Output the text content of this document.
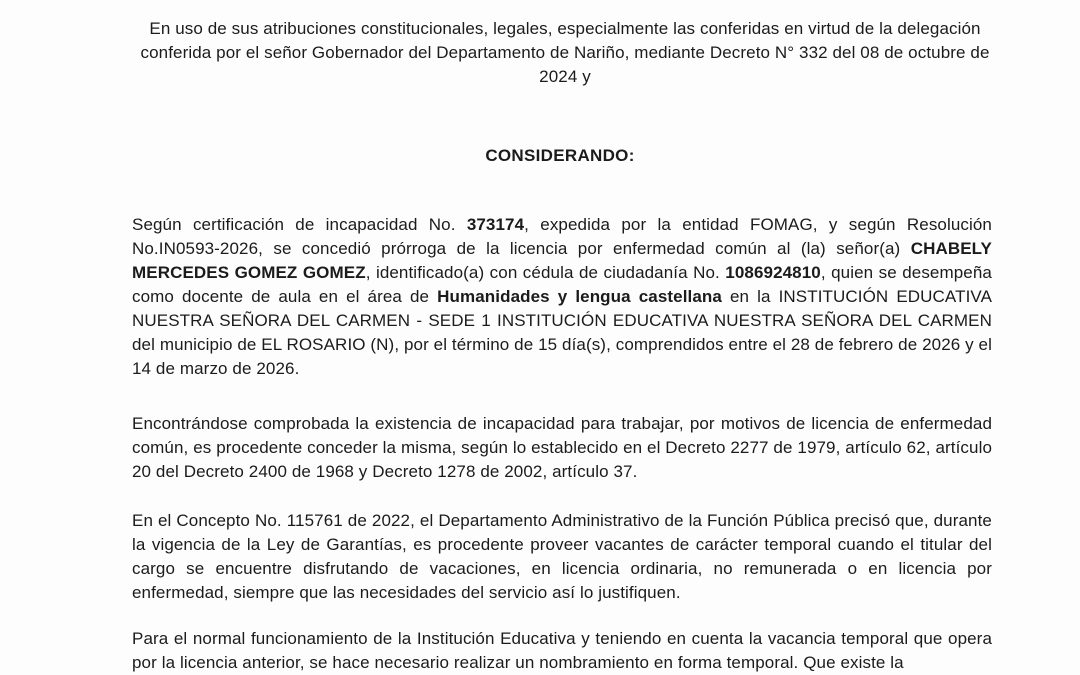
En uso de sus atribuciones constitucionales, legales, especialmente las conferidas en virtud de la delegación conferida por el señor Gobernador del Departamento de Nariño, mediante Decreto N° 332 del 08 de octubre de 2024 y
CONSIDERANDO:

Según certificación de incapacidad No. 373174, expedida por la entidad FOMAG, y según Resolución No.IN0593-2026, se concedió prórroga de la licencia por enfermedad común al (la) señor(a) CHABELY MERCEDES GOMEZ GOMEZ, identificado(a) con cédula de ciudadanía No. 1086924810, quien se desempeña como docente de aula en el área de Humanidades y lengua castellana en la INSTITUCIÓN EDUCATIVA NUESTRA SEÑORA DEL CARMEN - SEDE 1 INSTITUCIÓN EDUCATIVA NUESTRA SEÑORA DEL CARMEN del municipio de EL ROSARIO (N), por el término de 15 día(s), comprendidos entre el 28 de febrero de 2026 y el 14 de marzo de 2026.

Encontrándose comprobada la existencia de incapacidad para trabajar, por motivos de licencia de enfermedad común, es procedente conceder la misma, según lo establecido en el Decreto 2277 de 1979, artículo 62, artículo 20 del Decreto 2400 de 1968 y Decreto 1278 de 2002, artículo 37.

En el Concepto No. 115761 de 2022, el Departamento Administrativo de la Función Pública precisó que, durante la vigencia de la Ley de Garantías, es procedente proveer vacantes de carácter temporal cuando el titular del cargo se encuentre disfrutando de vacaciones, en licencia ordinaria, no remunerada o en licencia por enfermedad, siempre que las necesidades del servicio así lo justifiquen.

Para el normal funcionamiento de la Institución Educativa y teniendo en cuenta la vacancia temporal que opera por la licencia anterior, se hace necesario realizar un nombramiento en forma temporal. Que existe la
